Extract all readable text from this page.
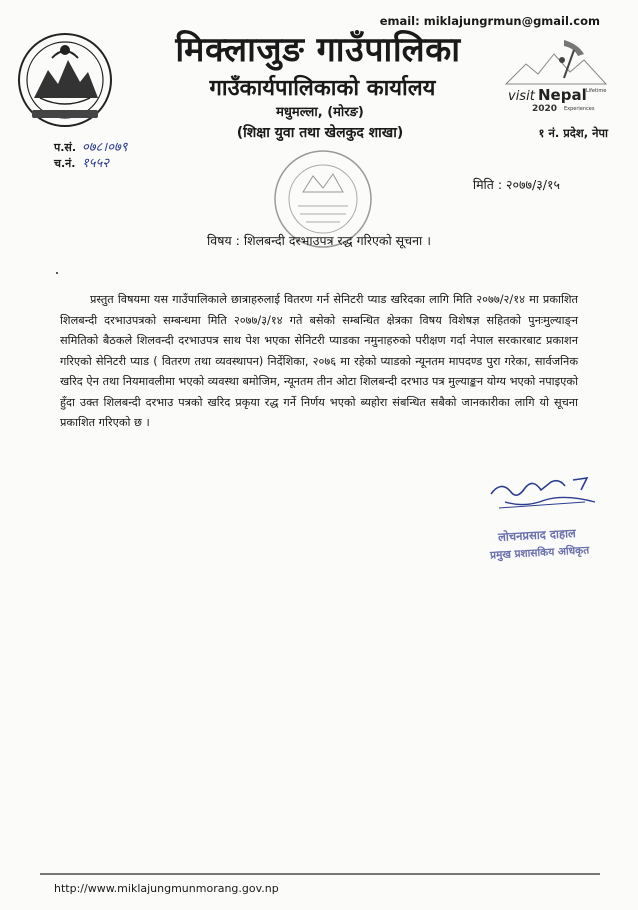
email: miklajungrmun@gmail.com
मिक्लाजुङ गाउँपालिका
गाउँकार्यपालिकाको कार्यालय
मधुमल्ला, (मोरङ)
(शिक्षा युवा तथा खेलकुद शाखा)
visit Nepal
2020
Lifetime
Experiences
१ नं. प्रदेश, नेपा
प.सं. ०७८।०७९
च.नं. १५५२
मिति : २०७७/३/१५
विषय : शिलबन्दी दरभाउपत्र रद्ध गरिएको सूचना ।
प्रस्तुत विषयमा यस गाउँपालिकाले छात्राहरुलाई वितरण गर्न सेनिटरी प्याड खरिदका लागि मिति २०७७/२/१४ मा प्रकाशित शिलबन्दी दरभाउपत्रको सम्बन्धमा मिति २०७७/३/१४ गते बसेको सम्बन्धित क्षेत्रका विषय विशेषज्ञ सहितको पुनःमुल्याङ्न समितिको बैठकले शिलवन्दी दरभाउपत्र साथ पेश भएका सेनिटरी प्याडका नमुनाहरुको परीक्षण गर्दा नेपाल सरकारबाट प्रकाशन गरिएको सेनिटरी प्याड ( वितरण तथा व्यवस्थापन) निर्देशिका, २०७६ मा रहेको प्याडको न्यूनतम मापदण्ड पुरा गरेका, सार्वजनिक खरिद ऐन तथा नियमावलीमा भएको व्यवस्था बमोजिम, न्यूनतम तीन ओटा शिलबन्दी दरभाउ पत्र मुल्याङ्कन योग्य भएको नपाइएको हुँदा उक्त शिलबन्दी दरभाउ पत्रको खरिद प्रकृया रद्ध गर्ने निर्णय भएको ब्यहोरा संबन्धित सबैको जानकारीका लागि यो सूचना प्रकाशित गरिएको छ ।
लोचनप्रसाद दाहाल
प्रमुख प्रशासकिय अधिकृत
http://www.miklajungmunmorang.gov.np
